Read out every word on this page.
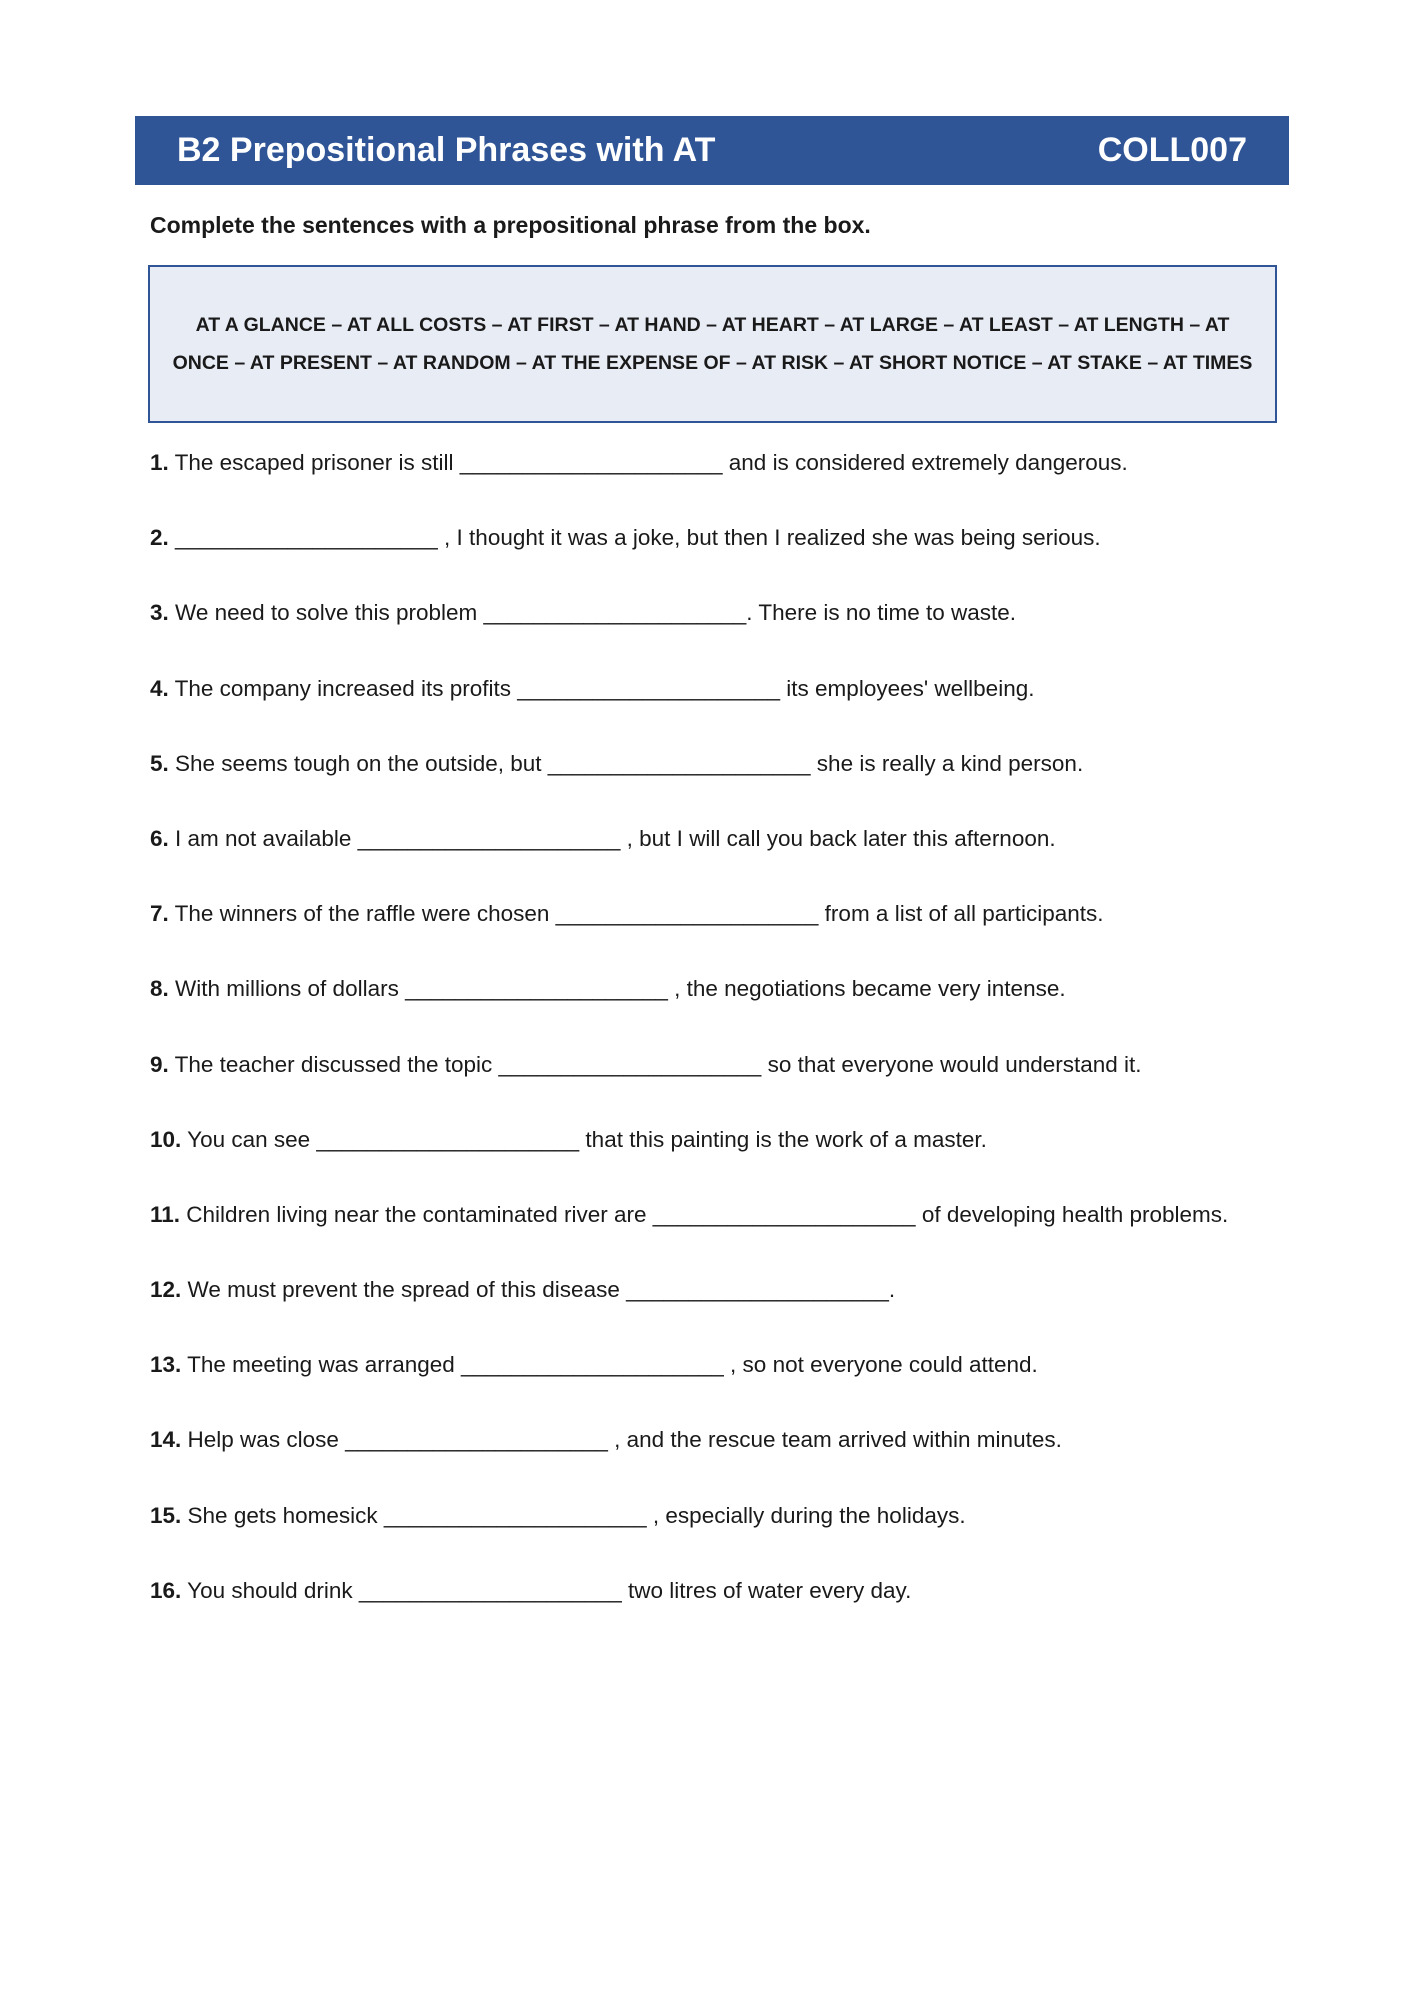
B2 Prepositional Phrases with AT	COLL007
Complete the sentences with a prepositional phrase from the box.
AT A GLANCE – AT ALL COSTS – AT FIRST – AT HAND – AT HEART – AT LARGE – AT LEAST – AT LENGTH – AT ONCE – AT PRESENT – AT RANDOM – AT THE EXPENSE OF – AT RISK – AT SHORT NOTICE – AT STAKE – AT TIMES
1. The escaped prisoner is still _____________________ and is considered extremely dangerous.
2. _____________________ , I thought it was a joke, but then I realized she was being serious.
3. We need to solve this problem _____________________. There is no time to waste.
4. The company increased its profits _____________________ its employees' wellbeing.
5. She seems tough on the outside, but _____________________ she is really a kind person.
6. I am not available _____________________ , but I will call you back later this afternoon.
7. The winners of the raffle were chosen _____________________ from a list of all participants.
8. With millions of dollars _____________________ , the negotiations became very intense.
9. The teacher discussed the topic _____________________ so that everyone would understand it.
10. You can see _____________________ that this painting is the work of a master.
11. Children living near the contaminated river are _____________________ of developing health problems.
12. We must prevent the spread of this disease _____________________.
13. The meeting was arranged _____________________ , so not everyone could attend.
14. Help was close _____________________ , and the rescue team arrived within minutes.
15. She gets homesick _____________________ , especially during the holidays.
16. You should drink _____________________ two litres of water every day.
